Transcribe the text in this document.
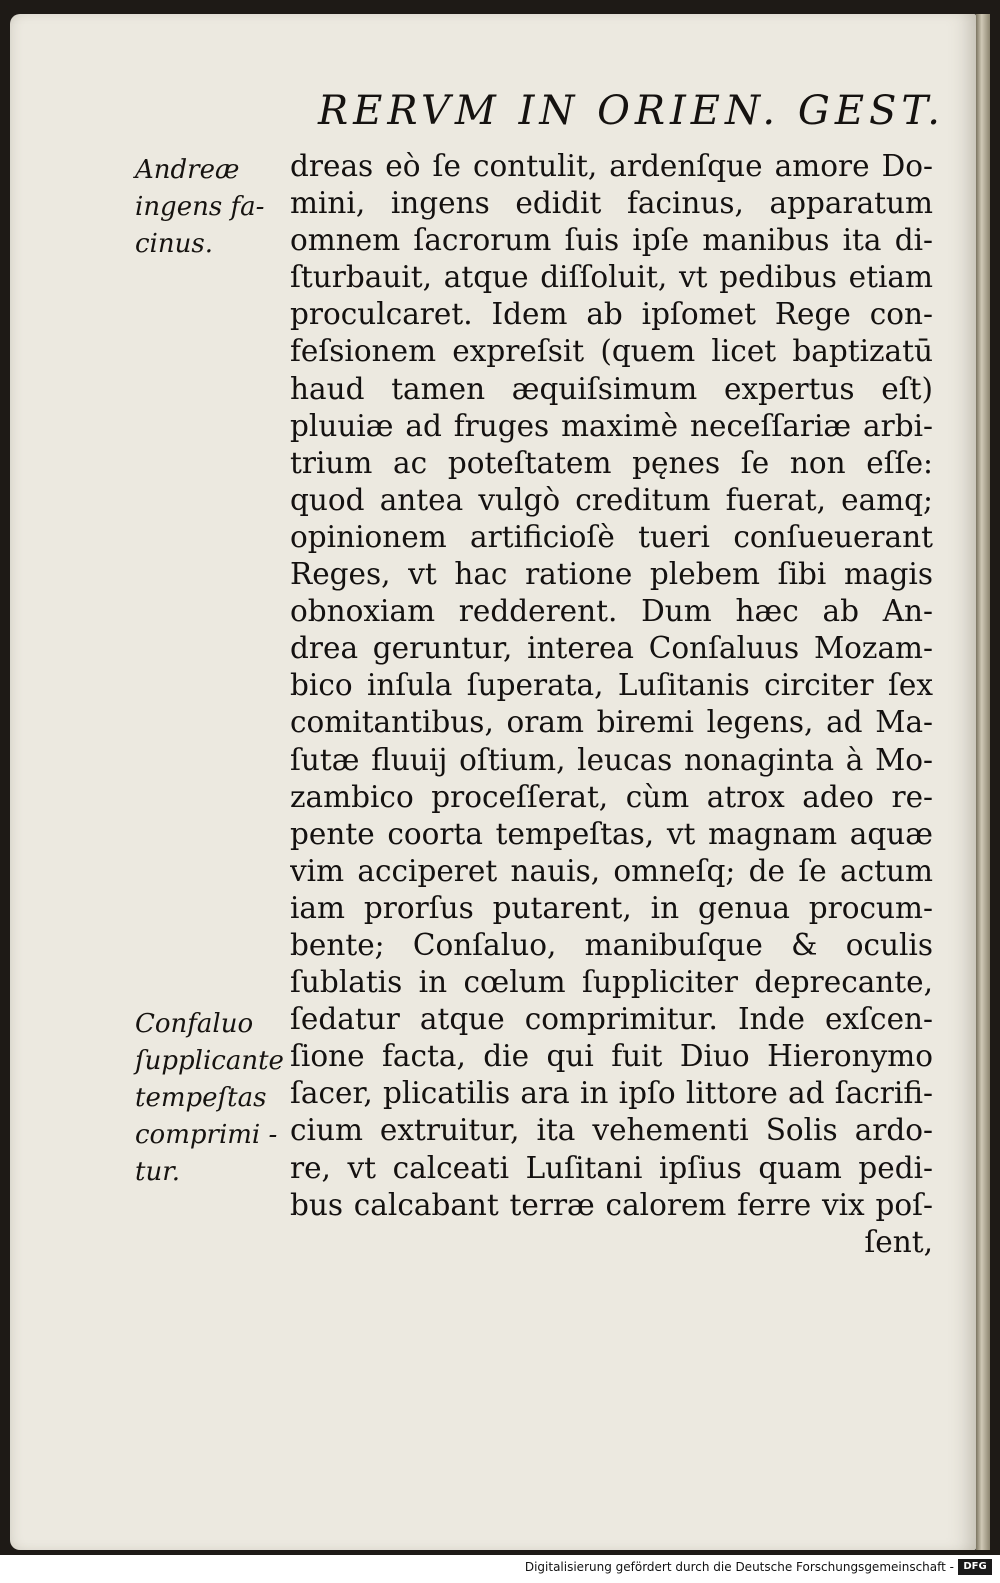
RERVM IN ORIEN. GEST.
Andreæ
ingens fa-
cinus.
Confaluo
ſupplicante
tempeſtas
comprimi -
tur.
dreas eò ſe contulit, ardenſque amore Do-
mini, ingens edidit facinus, apparatum
omnem ſacrorum ſuis ipſe manibus ita di-
ſturbauit, atque diſſoluit, vt pedibus etiam
proculcaret. Idem ab ipſomet Rege con-
feſsionem expreſsit (quem licet baptizatū
haud tamen æquiſsimum expertus eſt)
pluuiæ ad fruges maximè neceſſariæ arbi-
trium ac poteſtatem pęnes ſe non eſſe:
quod antea vulgò creditum fuerat, eamq;
opinionem artificioſè tueri conſueuerant
Reges, vt hac ratione plebem ſibi magis
obnoxiam redderent. Dum hæc ab An-
drea geruntur, interea Conſaluus Mozam-
bico inſula ſuperata, Luſitanis circiter ſex
comitantibus, oram biremi legens, ad Ma-
ſutæ fluuij oſtium, leucas nonaginta à Mo-
zambico proceſſerat, cùm atrox adeo re-
pente coorta tempeſtas, vt magnam aquæ
vim acciperet nauis, omneſq; de ſe actum
iam prorſus putarent, in genua procum-
bente; Conſaluo, manibuſque & oculis
ſublatis in cœlum ſuppliciter deprecante,
ſedatur atque comprimitur. Inde exſcen-
ſione facta, die qui fuit Diuo Hieronymo
ſacer, plicatilis ara in ipſo littore ad ſacrifi-
cium extruitur, ita vehementi Solis ardo-
re, vt calceati Luſitani ipſius quam pedi-
bus calcabant terræ calorem ferre vix poſ-
ſent,
Digitalisierung gefördert durch die Deutsche Forschungsgemeinschaft - DFG
